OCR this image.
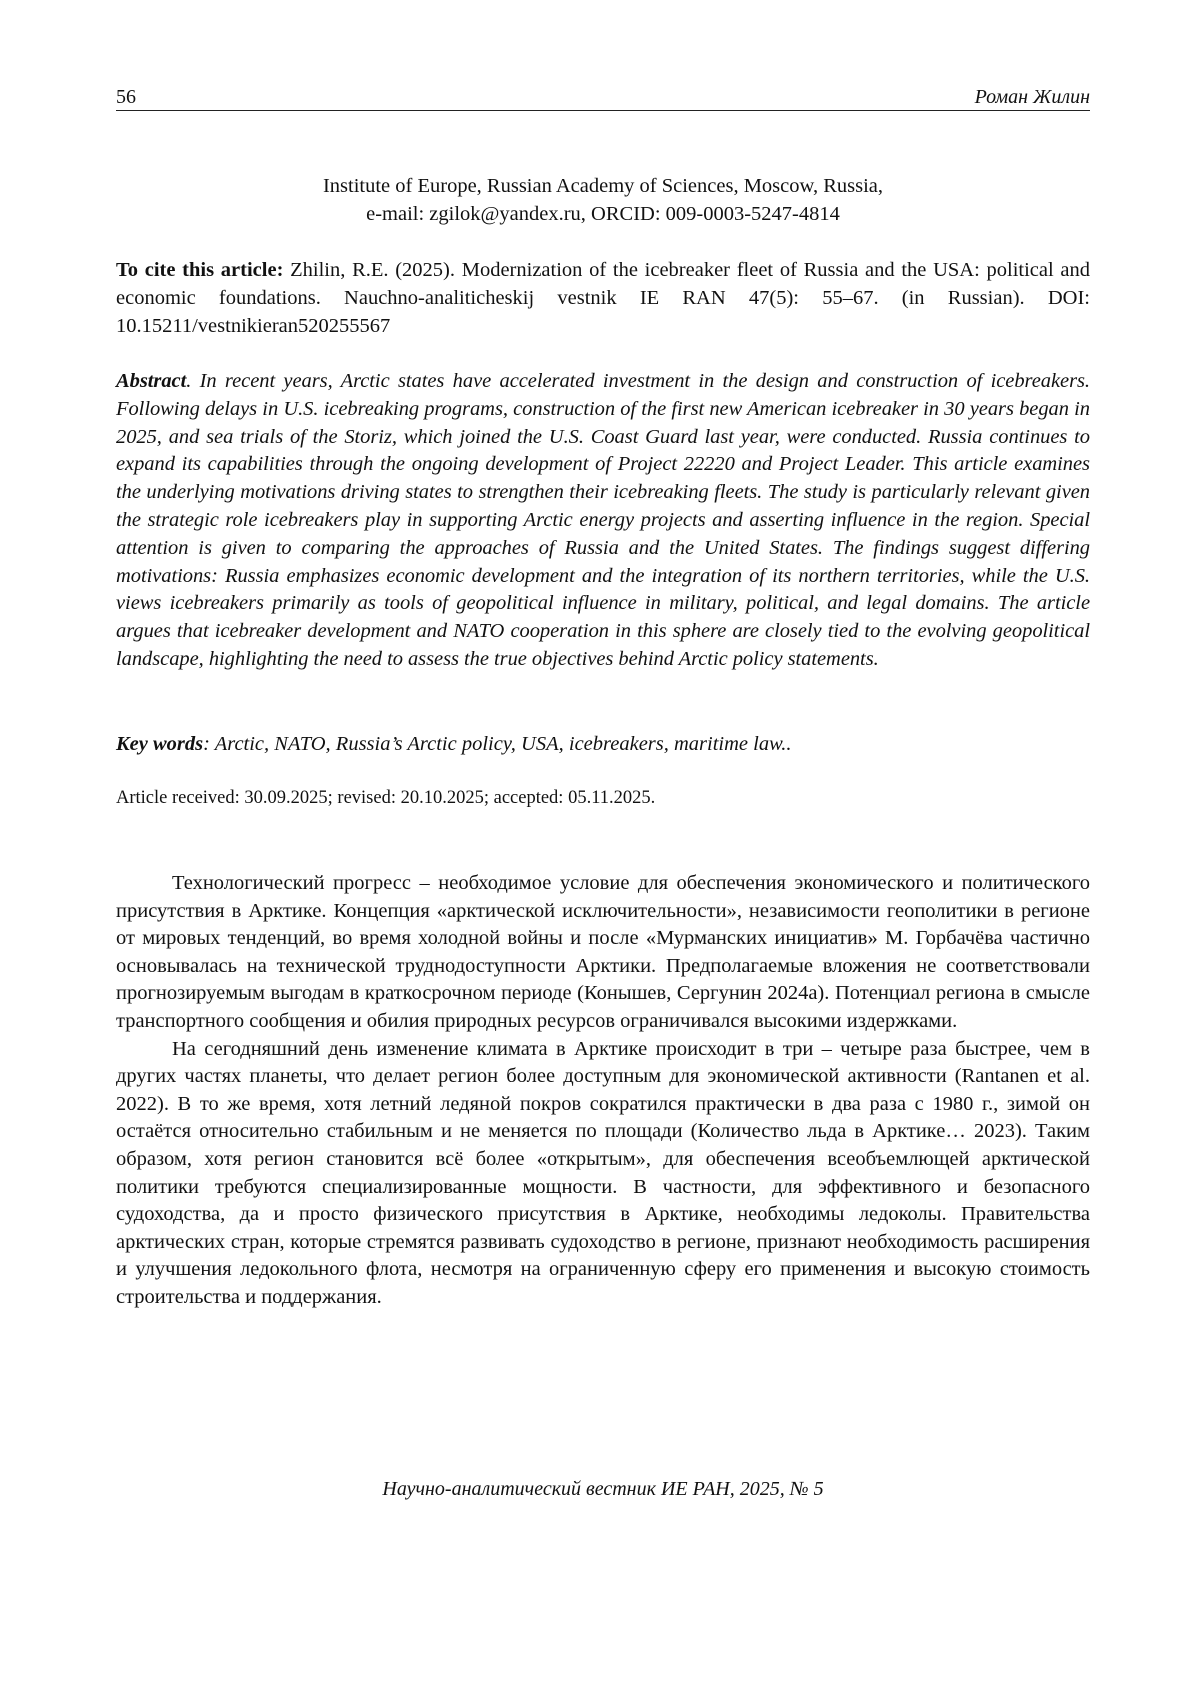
56	Роман Жилин
Institute of Europe, Russian Academy of Sciences, Moscow, Russia,
e-mail: zgilok@yandex.ru, ORCID: 009-0003-5247-4814
To cite this article: Zhilin, R.E. (2025). Modernization of the icebreaker fleet of Russia and the USA: political and economic foundations. Nauchno-analiticheskij vestnik IE RAN 47(5): 55–67. (in Russian). DOI: 10.15211/vestnikieran520255567
Abstract. In recent years, Arctic states have accelerated investment in the design and construction of icebreakers. Following delays in U.S. icebreaking programs, construction of the first new American icebreaker in 30 years began in 2025, and sea trials of the Storiz, which joined the U.S. Coast Guard last year, were conducted. Russia continues to expand its capabilities through the ongoing development of Project 22220 and Project Leader. This article examines the underlying motivations driving states to strengthen their icebreaking fleets. The study is particularly relevant given the strategic role icebreakers play in supporting Arctic energy projects and asserting influence in the region. Special attention is given to comparing the approaches of Russia and the United States. The findings suggest differing motivations: Russia emphasizes economic development and the integration of its northern territories, while the U.S. views icebreakers primarily as tools of geopolitical influence in military, political, and legal domains. The article argues that icebreaker development and NATO cooperation in this sphere are closely tied to the evolving geopolitical landscape, highlighting the need to assess the true objectives behind Arctic policy statements.
Key words: Arctic, NATO, Russia’s Arctic policy, USA, icebreakers, maritime law..
Article received: 30.09.2025; revised: 20.10.2025; accepted: 05.11.2025.

Технологический прогресс – необходимое условие для обеспечения экономического и политического присутствия в Арктике. Концепция «арктической исключительности», независимости геополитики в регионе от мировых тенденций, во время холодной войны и после «Мурманских инициатив» М. Горбачёва частично основывалась на технической труднодоступности Арктики. Предполагаемые вложения не соответствовали прогнозируемым выгодам в краткосрочном периоде (Конышев, Сергунин 2024а). Потенциал региона в смысле транспортного сообщения и обилия природных ресурсов ограничивался высокими издержками.

На сегодняшний день изменение климата в Арктике происходит в три – четыре раза быстрее, чем в других частях планеты, что делает регион более доступным для экономической активности (Rantanen et al. 2022). В то же время, хотя летний ледяной покров сократился практически в два раза с 1980 г., зимой он остаётся относительно стабильным и не меняется по площади (Количество льда в Арктике… 2023). Таким образом, хотя регион становится всё более «открытым», для обеспечения всеобъемлющей арктической политики требуются специализированные мощности. В частности, для эффективного и безопасного судоходства, да и просто физического присутствия в Арктике, необходимы ледоколы. Правительства арктических стран, которые стремятся развивать судоходство в регионе, признают необходимость расширения и улучшения ледокольного флота, несмотря на ограниченную сферу его применения и высокую стоимость строительства и поддержания.

Научно-аналитический вестник ИЕ РАН, 2025, № 5
